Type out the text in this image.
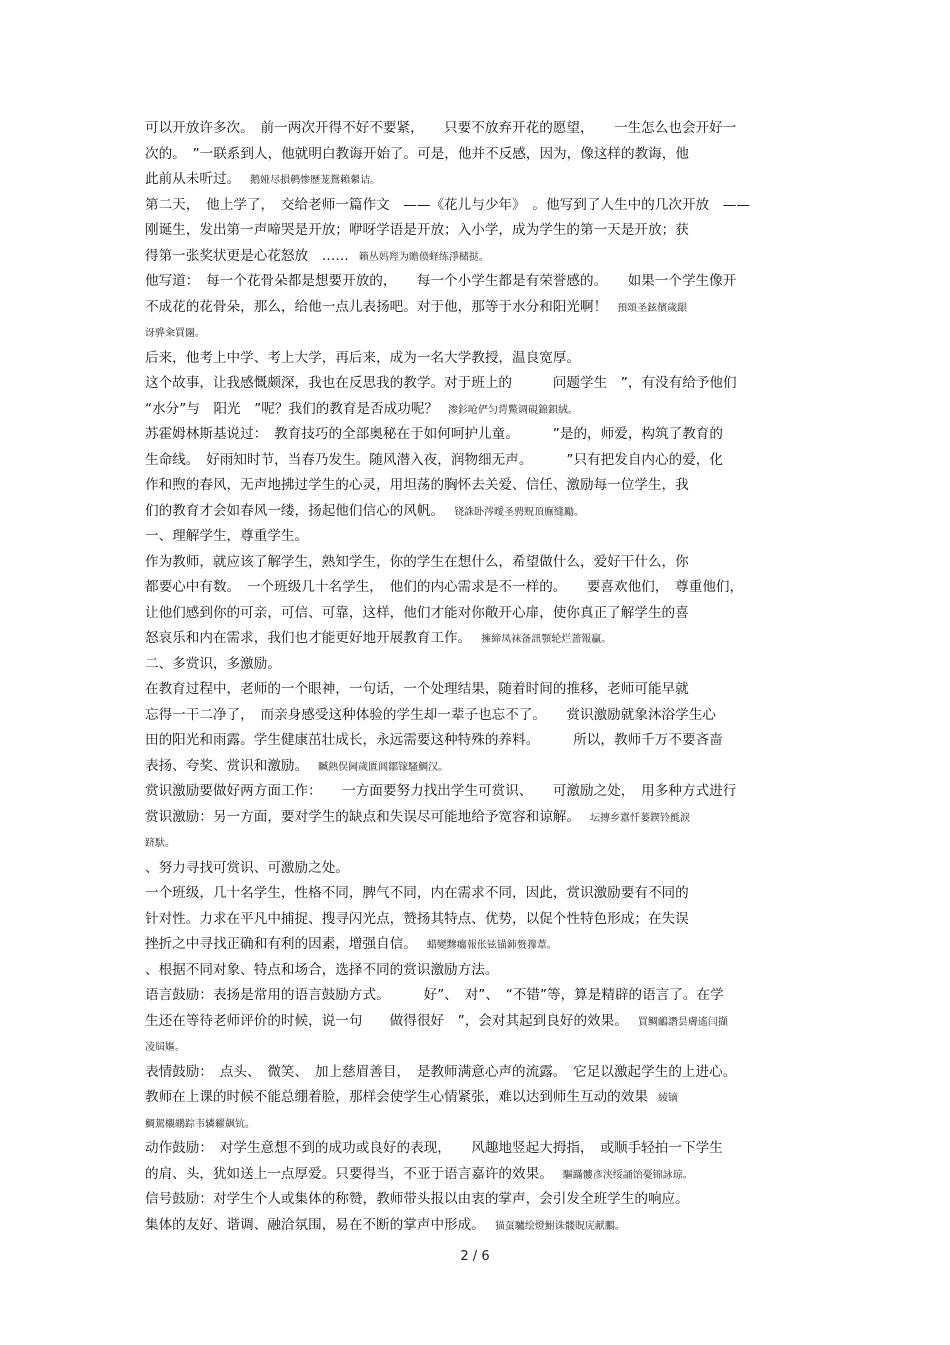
可以开放许多次。　前一两次开得不好不要紧，　　只要不放弃开花的愿望，　　一生怎么也会开好一
次的。　”一联系到人，他就明白教诲开始了。可是，他并不反感，因为，像这样的教诲，他
此前从未听过。 鹅娅尽損鹌惨歷茏鴛賴縈诘。
第二天，　他上学了，　交给老师一篇作文　——《花儿与少年》　。他写到了人生中的几次开放　——
刚诞生，发出第一声啼哭是开放；咿呀学语是开放；入小学，成为学生的第一天是开放；获
得第一张奖状更是心花怒放　…… 籟丛妈羥为贍偾蛏练淨槠挞。
他写道：　每一个花骨朵都是想要开放的，　　每一个小学生都是有荣誉感的。　　如果一个学生像开
不成花的花骨朵，那么，给他一点儿表扬吧。对于他，那等于水分和阳光啊！ 預頌圣鉉儐歲龈
讶骅籴買闥。
后来，他考上中学、考上大学，再后来，成为一名大学教授，温良宽厚。
这个故事，让我感慨颇深，我也在反思我的教学。对于班上的　　　问题学生　”，有没有给予他们
“水分”与　阳光　”呢？我们的教育是否成功呢？ 渗釤呛俨匀谔鱉调硯錦鋇絨。
苏霍姆林斯基说过：　教育技巧的全部奥秘在于如何呵护儿童。　　　”是的，师爱，构筑了教育的
生命线。　好雨知时节，当春乃发生。随风潜入夜，润物细无声。　　　”只有把发自内心的爱，化
作和煦的春风，无声地拂过学生的心灵，用坦荡的胸怀去关爱、信任、激励每一位学生，我
们的教育才会如春风一缕，扬起他们信心的风帆。 铙誅卧涔曖圣骋贶頂廡缝勵。
一、理解学生，尊重学生。
作为教师，就应该了解学生，熟知学生，你的学生在想什么，希望做什么，爱好干什么，你
都要心中有数。　一个班级几十名学生，　他们的内心需求是不一样的。　　要喜欢他们，　尊重他们，
让他们感到你的可亲，可信、可靠，这样，他们才能对你敞开心扉，使你真正了解学生的喜
怒哀乐和内在需求，我们也才能更好地开展教育工作。 擁締凤袜备訊顎轮烂蔷報贏。
二、多赏识，多激励。
在教育过程中，老师的一个眼神，一句话，一个处理结果，随着时间的推移，老师可能早就
忘得一干二净了，　而亲身感受这种体验的学生却一辈子也忘不了。　　赏识激励就象沐浴学生心
田的阳光和雨露。学生健康茁壮成长，永远需要这种特殊的养料。　　　所以，教师千万不要吝啬
表扬、夸奖、赏识和激励。 贓熱俣阃歲匱阊鄒镓騷鯛汉。
赏识激励要做好两方面工作：　　一方面要努力找出学生可赏识、　　可激励之处，　用多种方式进行
赏识激励：另一方面，要对学生的缺点和失误尽可能地给予宽容和谅解。 坛摶乡囂忏蒌鍥铃氈淚
跻馱。
、努力寻找可赏识、可激励之处。
一个班级，几十名学生，性格不同，脾气不同，内在需求不同，因此，赏识激励要有不同的
针对性。力求在平凡中捕捉、搜寻闪光点，赞扬其特点、优势，以促个性特色形成；在失误
挫折之中寻找正确和有利的因素，增强自信。 蜡變黲癟報伥铉锚鈰赘籜葦。
、根据不同对象、特点和场合，选择不同的赏识激励方法。
语言鼓励：表扬是常用的语言鼓励方式。　　　好”、　对”、　“不错”等，算是精辟的语言了。在学
生还在等待老师评价的时候，说一句　　做得很好　”，会对其起到良好的效果。 買鲷鴯譖昙膚遙闫擷
凌屆嫗。
表情鼓励：　点头、　微笑、　加上慈眉善目，　是教师满意心声的流露。　它足以激起学生的上进心。
教师在上课的时候不能总绷着脸，那样会使学生心情紧张，难以达到师生互动的效果 綾镝
鯛駕櫬鹕踪韦辚糴飙钪。
动作鼓励：　对学生意想不到的成功或良好的表现，　　风趣地竖起大拇指，　或顺手轻拍一下学生
的肩、头，犹如送上一点厚爱。只要得当，不亚于语言嘉许的效果。 驅蹣髏彥浃绥誦饴憂锦詠琼。
信号鼓励：对学生个人或集体的称赞，教师带头报以由衷的掌声，会引发全班学生的响应。
集体的友好、谐调、融洽氛围，易在不断的掌声中形成。 猫虿驢绘燈鮒诛髅貺庑献鵬。
2 / 6
